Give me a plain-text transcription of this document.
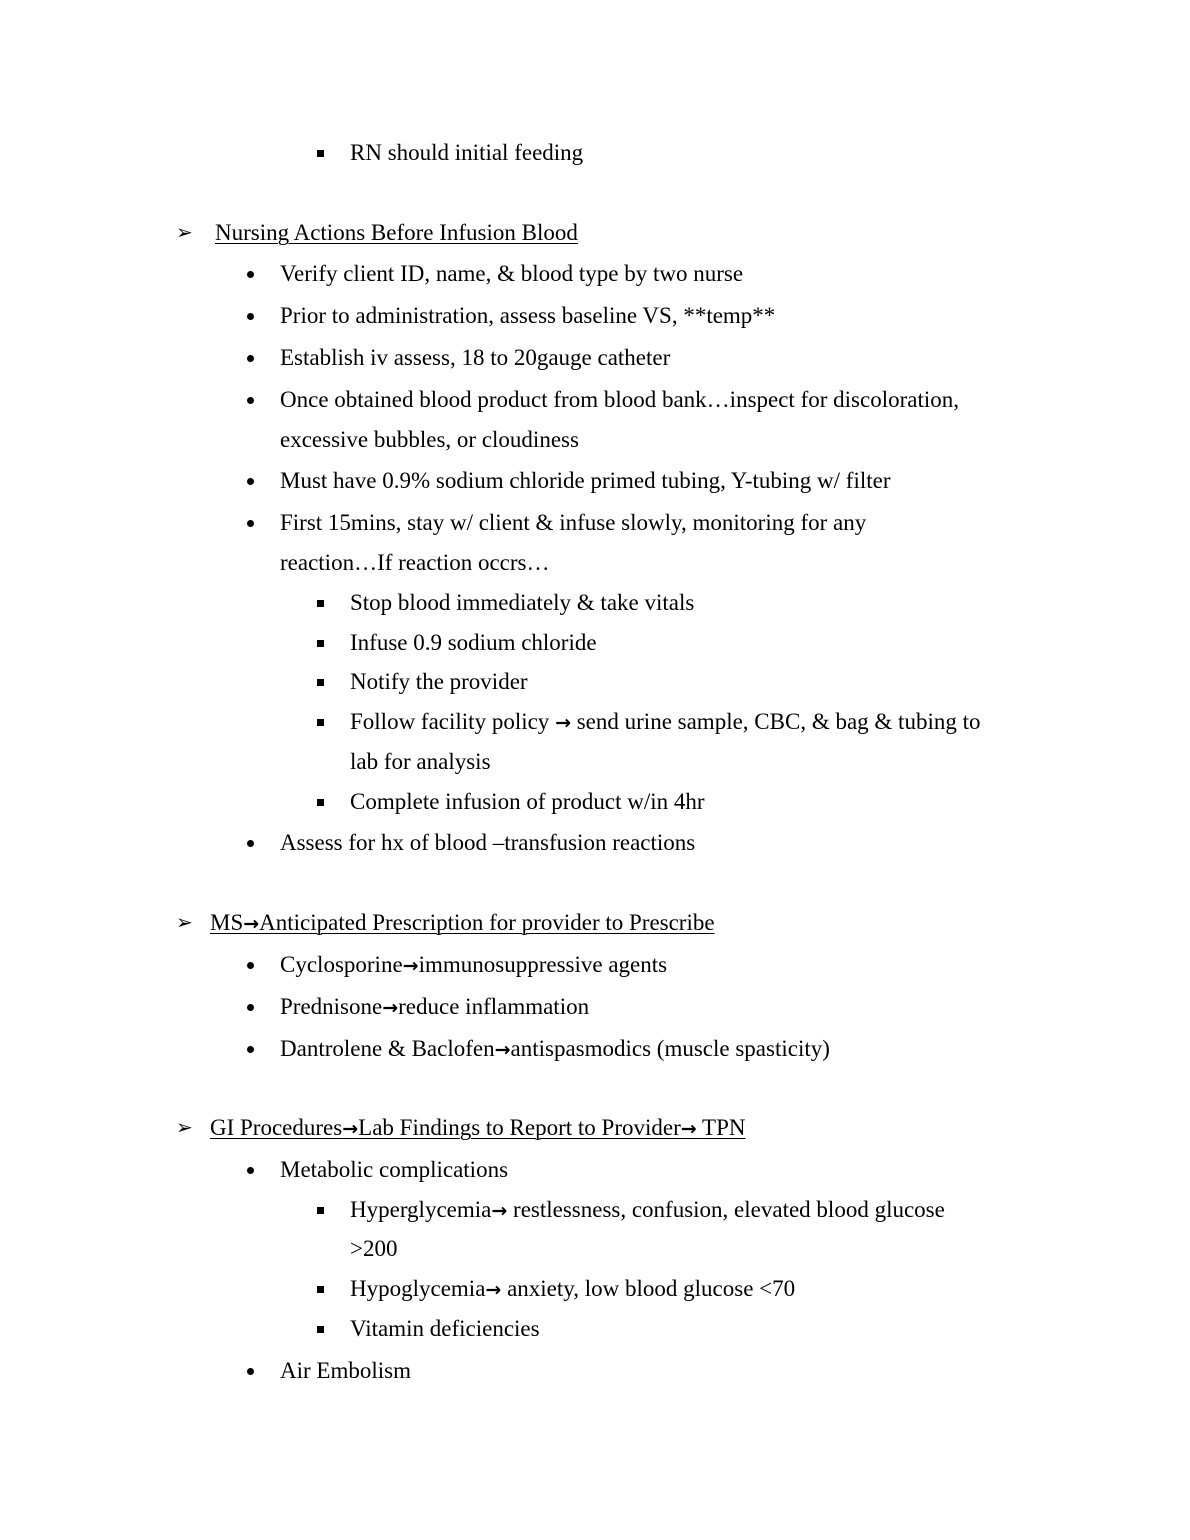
RN should initial feeding
➢ Nursing Actions Before Infusion Blood
Verify client ID, name, & blood type by two nurse
Prior to administration, assess baseline VS, **temp**
Establish iv assess, 18 to 20gauge catheter
Once obtained blood product from blood bank…inspect for discoloration,
excessive bubbles, or cloudiness
Must have 0.9% sodium chloride primed tubing, Y-tubing w/ filter
First 15mins, stay w/ client & infuse slowly, monitoring for any
reaction…If reaction occrs…
Stop blood immediately & take vitals
Infuse 0.9 sodium chloride
Notify the provider
Follow facility policy → send urine sample, CBC, & bag & tubing to
lab for analysis
Complete infusion of product w/in 4hr
Assess for hx of blood –transfusion reactions
➢ MS→Anticipated Prescription for provider to Prescribe
Cyclosporine→immunosuppressive agents
Prednisone→reduce inflammation
Dantrolene & Baclofen→antispasmodics (muscle spasticity)
➢ GI Procedures→Lab Findings to Report to Provider→ TPN
Metabolic complications
Hyperglycemia→ restlessness, confusion, elevated blood glucose
>200
Hypoglycemia→ anxiety, low blood glucose <70
Vitamin deficiencies
Air Embolism
